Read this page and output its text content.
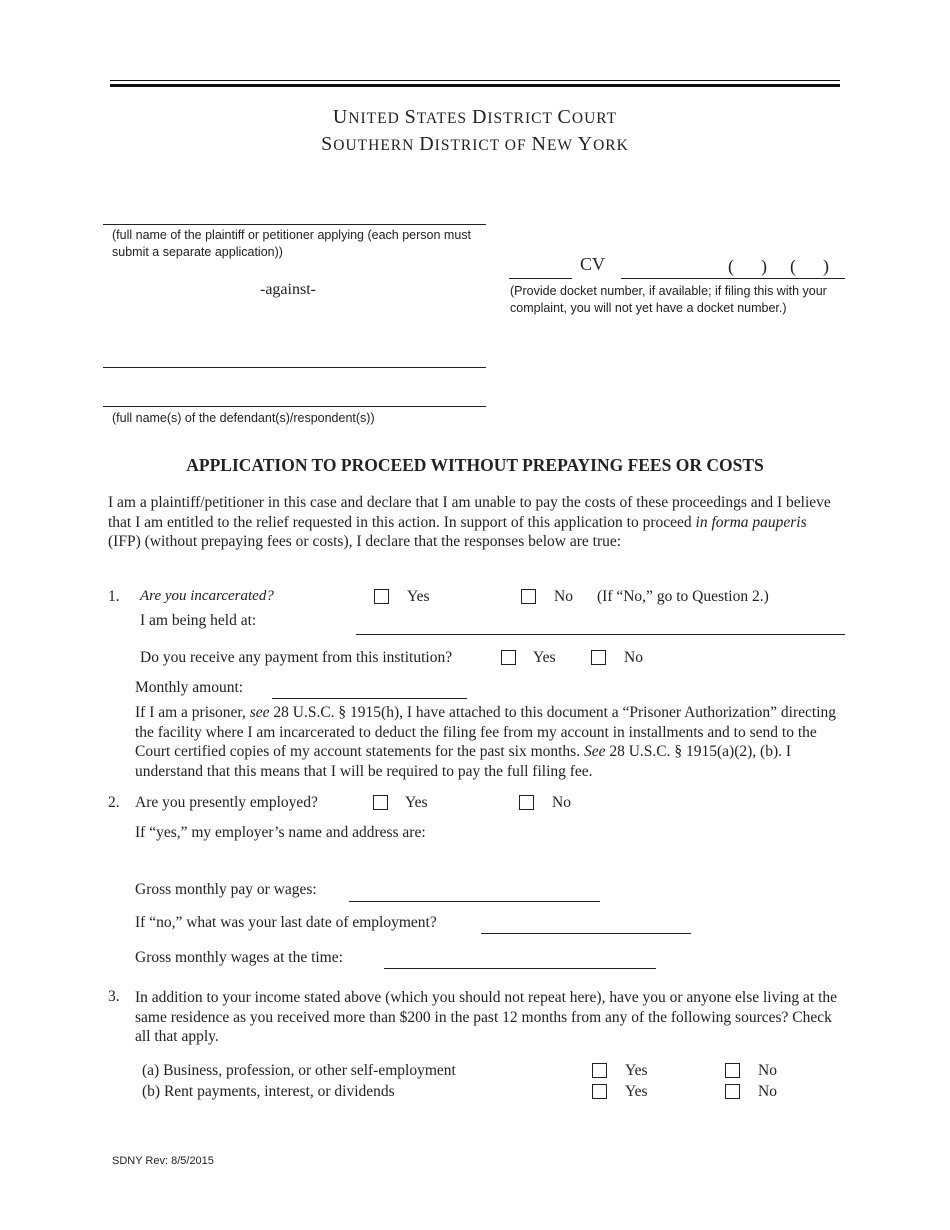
UNITED STATES DISTRICT COURT
SOUTHERN DISTRICT OF NEW YORK
(full name of the plaintiff or petitioner applying (each person must submit a separate application))
-against-
(full name(s) of the defendant(s)/respondent(s))
CV	(      ) (      )
(Provide docket number, if available; if filing this with your complaint, you will not yet have a docket number.)
APPLICATION TO PROCEED WITHOUT PREPAYING FEES OR COSTS
I am a plaintiff/petitioner in this case and declare that I am unable to pay the costs of these proceedings and I believe that I am entitled to the relief requested in this action. In support of this application to proceed in forma pauperis (IFP) (without prepaying fees or costs), I declare that the responses below are true:
1. Are you incarcerated?	Yes	No (If “No,” go to Question 2.)
I am being held at:
Do you receive any payment from this institution?	Yes	No
Monthly amount:
If I am a prisoner, see 28 U.S.C. § 1915(h), I have attached to this document a “Prisoner Authorization” directing the facility where I am incarcerated to deduct the filing fee from my account in installments and to send to the Court certified copies of my account statements for the past six months. See 28 U.S.C. § 1915(a)(2), (b). I understand that this means that I will be required to pay the full filing fee.
2. Are you presently employed?	Yes	No
If “yes,” my employer’s name and address are:
Gross monthly pay or wages:
If “no,” what was your last date of employment?
Gross monthly wages at the time:
3. In addition to your income stated above (which you should not repeat here), have you or anyone else living at the same residence as you received more than $200 in the past 12 months from any of the following sources? Check all that apply.
(a) Business, profession, or other self-employment	Yes	No
(b) Rent payments, interest, or dividends	Yes	No
SDNY Rev: 8/5/2015
